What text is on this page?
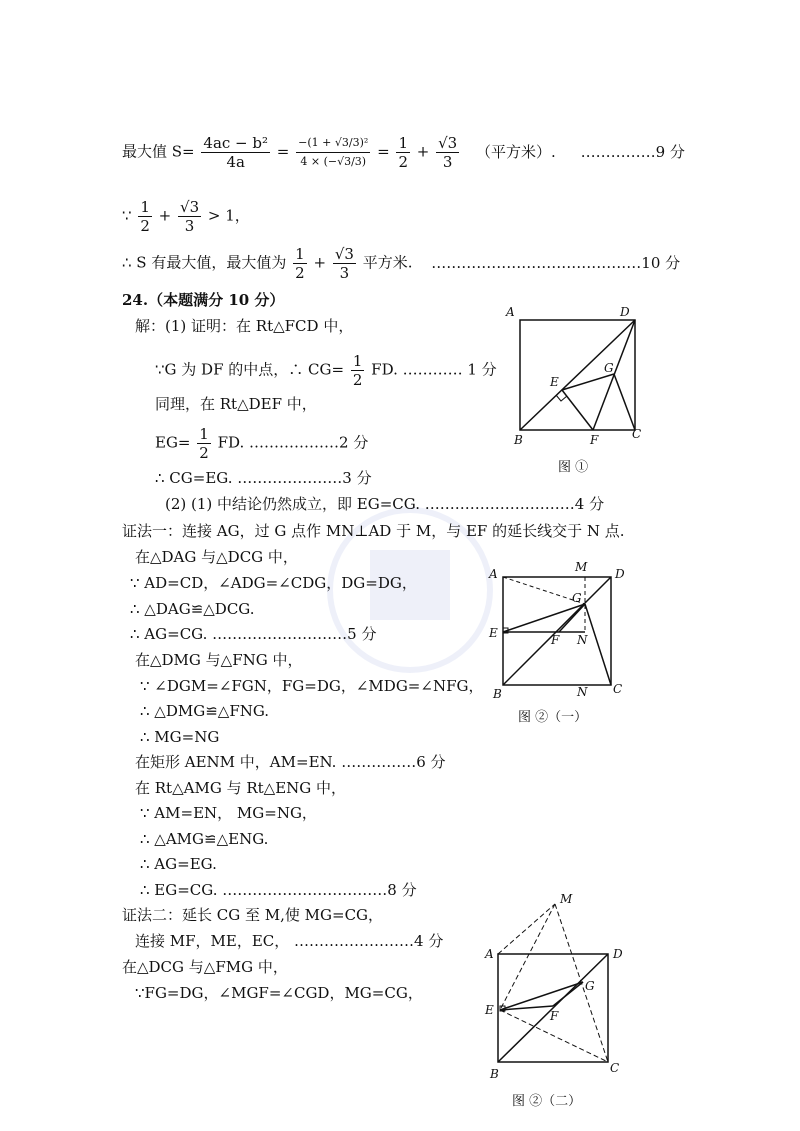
最大值 $S= \frac{\text{4ac − b²}}{4a} = \frac{\text{−(1 + √3/3)²}}{4 \times (-√3/3)} = \frac{1}{2} + \frac{√3}{3}$ （平方米）. ……………9 分
∵ $\frac{1}{2} + \frac{√3}{3} > 1$，
∴ S 有最大值，最大值为 $\frac{1}{2} + \frac{√3}{3}$ 平方米. ……………………………………10 分
24.（本题满分 10 分）
解：(1) 证明：在 Rt△FCD 中，
∵G 为 DF 的中点，∴ $CG= \frac{1}{2}$ FD. ………… 1 分
同理，在 Rt△DEF 中，
$EG= \frac{1}{2}$ FD. ………………2 分
∴ CG=EG. …………………3 分
(2) (1) 中结论仍然成立，即 EG=CG. …………………………4 分
证法一：连接 AG，过 G 点作 MN⊥AD 于 M，与 EF 的延长线交于 N 点.
在△DAG 与△DCG 中，
∵ AD=CD，∠ADG=∠CDG，DG=DG，
∴ △DAG≌△DCG.
∴ AG=CG. ………………………5 分
在△DMG 与△FNG 中，
∵ ∠DGM=∠FGN，FG=DG，∠MDG=∠NFG，
∴ △DMG≌△FNG.
∴ MG=NG
在矩形 AENM 中，AM=EN. ……………6 分
在 Rt△AMG 与 Rt△ENG 中，
∵ AM=EN， MG=NG，
∴ △AMG≌△ENG.
∴ AG=EG.
∴ EG=CG. ……………………………8 分
证法二：延长 CG 至 M,使 MG=CG，
连接 MF，ME，EC， ……………………4 分
在△DCG 与△FMG 中，
∵FG=DG，∠MGF=∠CGD，MG=CG，
A	D
E
G
B	F	C
图 ①
A	M D
G
E	F N
B	N C
图 ②（一）
M
A	D
G
E	F
B	C
图 ②（二）
